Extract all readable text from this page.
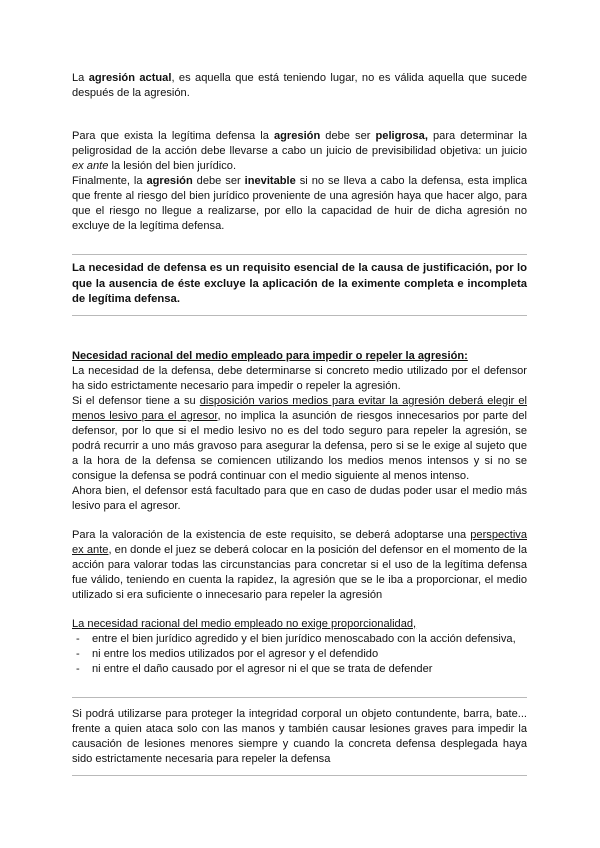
La agresión actual, es aquella que está teniendo lugar, no es válida aquella que sucede después de la agresión.

Para que exista la legítima defensa la agresión debe ser peligrosa, para determinar la peligrosidad de la acción debe llevarse a cabo un juicio de previsibilidad objetiva: un juicio ex ante la lesión del bien jurídico.

Finalmente, la agresión debe ser inevitable si no se lleva a cabo la defensa, esta implica que frente al riesgo del bien jurídico proveniente de una agresión haya que hacer algo, para que el riesgo no llegue a realizarse, por ello la capacidad de huir de dicha agresión no excluye de la legítima defensa.

La necesidad de defensa es un requisito esencial de la causa de justificación, por lo que la ausencia de éste excluye la aplicación de la eximente completa e incompleta de legítima defensa.

Necesidad racional del medio empleado para impedir o repeler la agresión:

La necesidad de la defensa, debe determinarse si concreto medio utilizado por el defensor ha sido estrictamente necesario para impedir o repeler la agresión.

Si el defensor tiene a su disposición varios medios para evitar la agresión deberá elegir el menos lesivo para el agresor, no implica la asunción de riesgos innecesarios por parte del defensor, por lo que si el medio lesivo no es del todo seguro para repeler la agresión, se podrá recurrir a uno más gravoso para asegurar la defensa, pero si se le exige al sujeto que a la hora de la defensa se comiencen utilizando los medios menos intensos y si no se consigue la defensa se podrá continuar con el medio siguiente al menos intenso.

Ahora bien, el defensor está facultado para que en caso de dudas poder usar el medio más lesivo para el agresor.

Para la valoración de la existencia de este requisito, se deberá adoptarse una perspectiva ex ante, en donde el juez se deberá colocar en la posición del defensor en el momento de la acción para valorar todas las circunstancias para concretar si el uso de la legítima defensa fue válido, teniendo en cuenta la rapidez, la agresión que se le iba a proporcionar, el medio utilizado si era suficiente o innecesario para repeler la agresión

La necesidad racional del medio empleado no exige proporcionalidad,

- entre el bien jurídico agredido y el bien jurídico menoscabado con la acción defensiva,
- ni entre los medios utilizados por el agresor y el defendido
- ni entre el daño causado por el agresor ni el que se trata de defender

Si podrá utilizarse para proteger la integridad corporal un objeto contundente, barra, bate... frente a quien ataca solo con las manos y también causar lesiones graves para impedir la causación de lesiones menores siempre y cuando la concreta defensa desplegada haya sido estrictamente necesaria para repeler la defensa
